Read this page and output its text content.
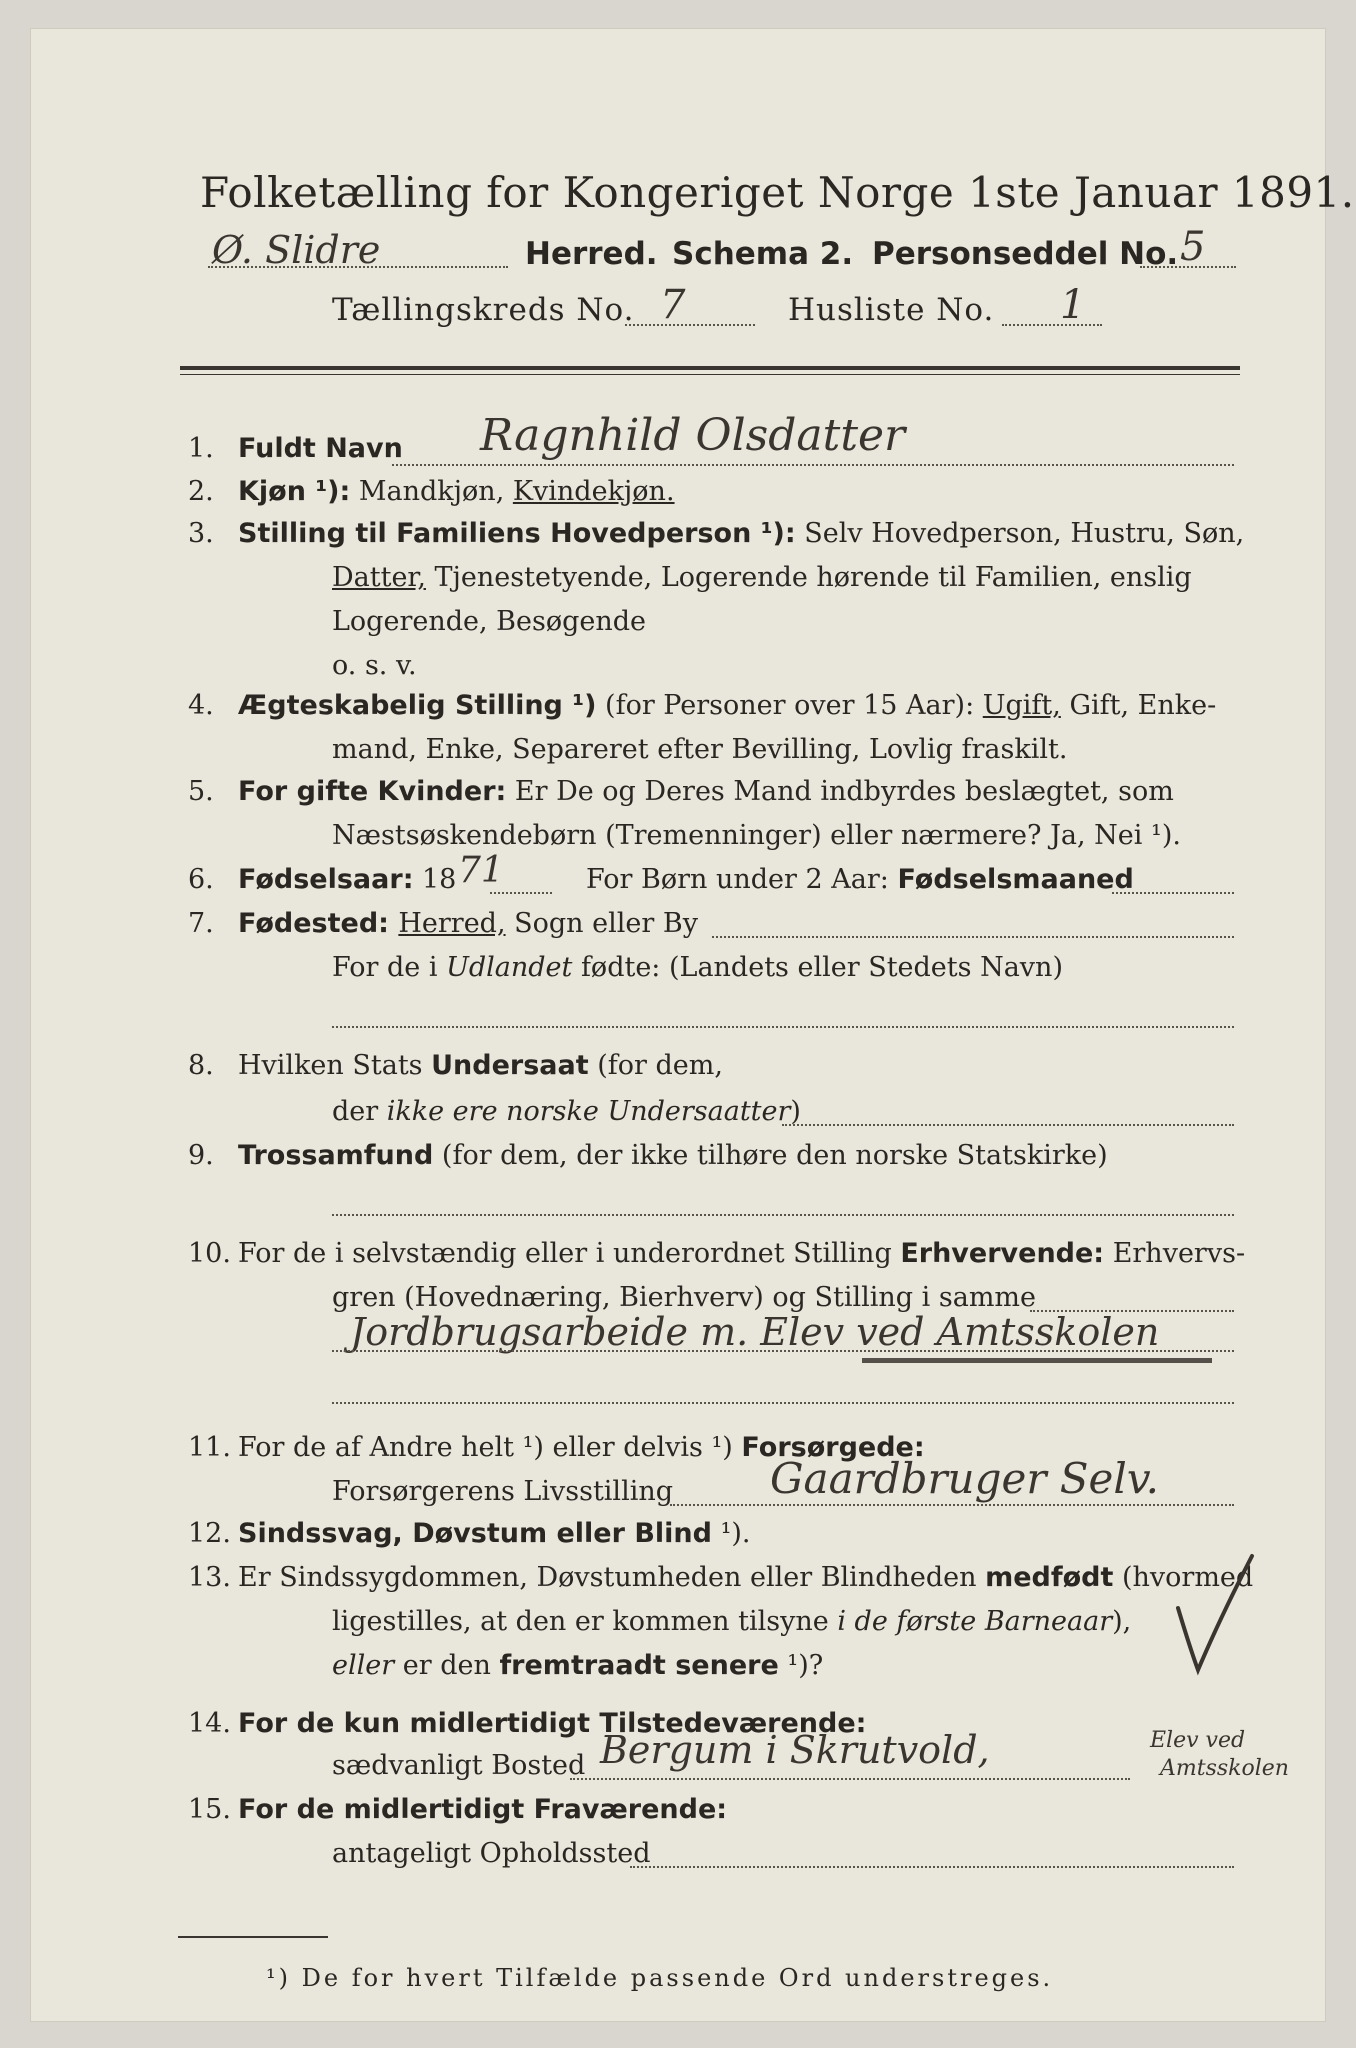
Folketælling for Kongeriget Norge 1ste Januar 1891.
Ø. Slidre	Herred. Schema 2. Personseddel No. 5
Tællingskreds No. 7	Husliste No. 1
1. Fuldt Navn Ragnhild Olsdatter
2. Kjøn ¹): Mandkjøn, Kvindekjøn.
3. Stilling til Familiens Hovedperson ¹): Selv Hovedperson, Hustru, Søn,
Datter, Tjenestetyende, Logerende hørende til Familien, enslig
Logerende, Besøgende
o. s. v.
4. Ægteskabelig Stilling ¹) (for Personer over 15 Aar): Ugift, Gift, Enke-
mand, Enke, Separeret efter Bevilling, Lovlig fraskilt.
5. For gifte Kvinder: Er De og Deres Mand indbyrdes beslægtet, som
Næstsøskendebørn (Tremenninger) eller nærmere? Ja, Nei ¹).
6. Fødselsaar: 18 71	For Børn under 2 Aar: Fødselsmaaned
7. Fødested: Herred, Sogn eller By
For de i Udlandet fødte: (Landets eller Stedets Navn)
8. Hvilken Stats Undersaat (for dem,
der ikke ere norske Undersaatter)
9. Trossamfund (for dem, der ikke tilhøre den norske Statskirke)
10. For de i selvstændig eller i underordnet Stilling Erhvervende: Erhvervs-
gren (Hovednæring, Bierhverv) og Stilling i samme
Jordbrugsarbeide m. Elev ved Amtsskolen
11. For de af Andre helt ¹) eller delvis ¹) Forsørgede:
Forsørgerens Livsstilling Gaardbruger Selv.
12. Sindssvag, Døvstum eller Blind ¹).
13. Er Sindssygdommen, Døvstumheden eller Blindheden medfødt (hvormed
ligestilles, at den er kommen tilsyne i de første Barneaar),
eller er den fremtraadt senere ¹)?
14. For de kun midlertidigt Tilstedeværende:
sædvanligt Bosted Bergum i Skrutvold,	Elev ved
Amtsskolen
15. For de midlertidigt Fraværende:
antageligt Opholdssted
¹) De for hvert Tilfælde passende Ord understreges.
